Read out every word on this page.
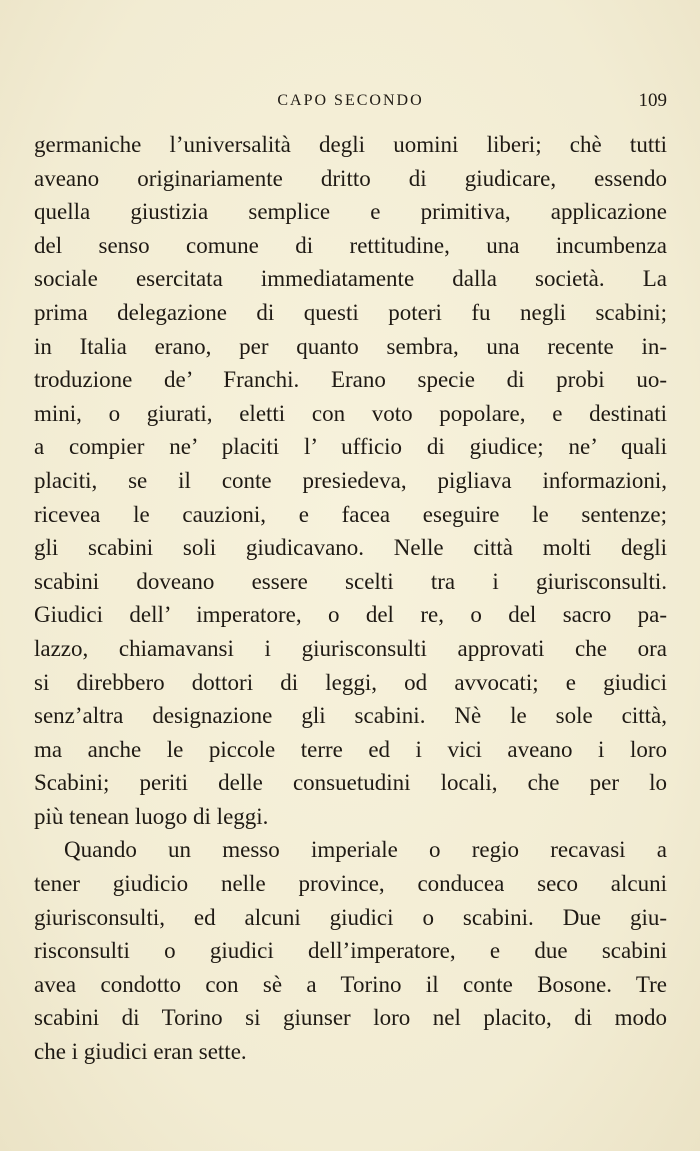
CAPO SECONDO	109
germaniche l’universalità degli uomini liberi; chè tutti
aveano originariamente dritto di giudicare, essendo
quella giustizia semplice e primitiva, applicazione
del senso comune di rettitudine, una incumbenza
sociale esercitata immediatamente dalla società. La
prima delegazione di questi poteri fu negli scabini;
in Italia erano, per quanto sembra, una recente in-
troduzione de’ Franchi. Erano specie di probi uo-
mini, o giurati, eletti con voto popolare, e destinati
a compier ne’ placiti l’ ufficio di giudice; ne’ quali
placiti, se il conte presiedeva, pigliava informazioni,
ricevea le cauzioni, e facea eseguire le sentenze;
gli scabini soli giudicavano. Nelle città molti degli
scabini doveano essere scelti tra i giurisconsulti.
Giudici dell’ imperatore, o del re, o del sacro pa-
lazzo, chiamavansi i giurisconsulti approvati che ora
si direbbero dottori di leggi, od avvocati; e giudici
senz’altra designazione gli scabini. Nè le sole città,
ma anche le piccole terre ed i vici aveano i loro
Scabini; periti delle consuetudini locali, che per lo
più tenean luogo di leggi.
Quando un messo imperiale o regio recavasi a
tener giudicio nelle province, conducea seco alcuni
giurisconsulti, ed alcuni giudici o scabini. Due giu-
risconsulti o giudici dell’imperatore, e due scabini
avea condotto con sè a Torino il conte Bosone. Tre
scabini di Torino si giunser loro nel placito, di modo
che i giudici eran sette.
